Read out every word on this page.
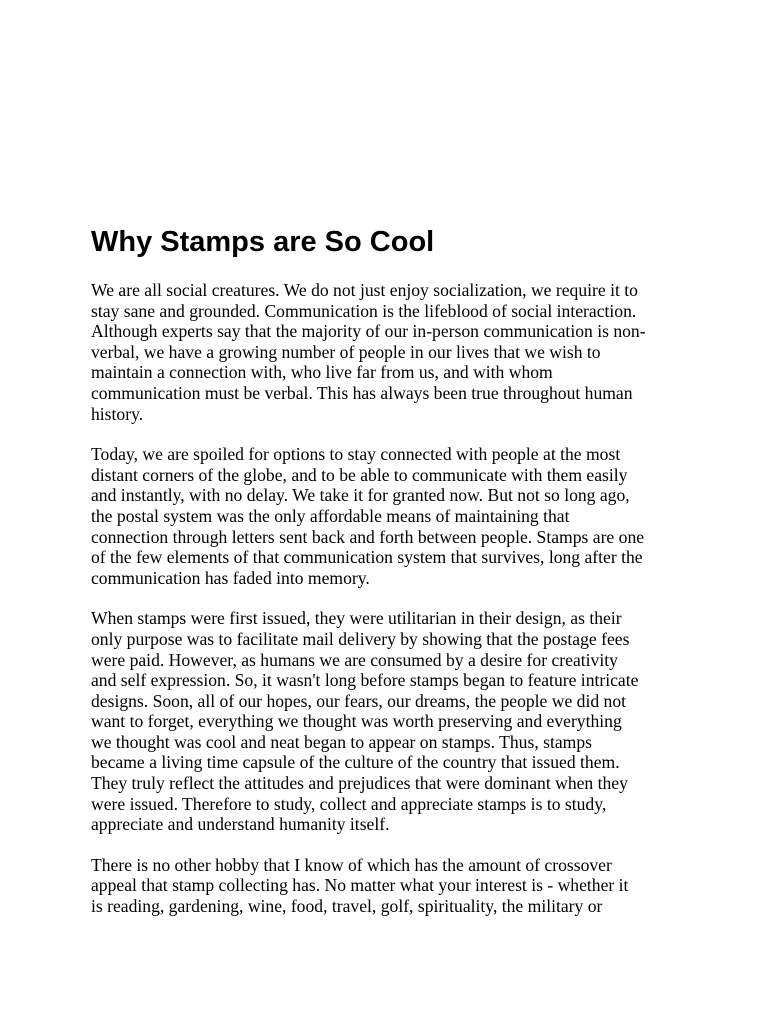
Why Stamps are So Cool

We are all social creatures. We do not just enjoy socialization, we require it to
stay sane and grounded. Communication is the lifeblood of social interaction.
Although experts say that the majority of our in-person communication is non-
verbal, we have a growing number of people in our lives that we wish to
maintain a connection with, who live far from us, and with whom
communication must be verbal. This has always been true throughout human
history.

Today, we are spoiled for options to stay connected with people at the most
distant corners of the globe, and to be able to communicate with them easily
and instantly, with no delay. We take it for granted now. But not so long ago,
the postal system was the only affordable means of maintaining that
connection through letters sent back and forth between people. Stamps are one
of the few elements of that communication system that survives, long after the
communication has faded into memory.

When stamps were first issued, they were utilitarian in their design, as their
only purpose was to facilitate mail delivery by showing that the postage fees
were paid. However, as humans we are consumed by a desire for creativity
and self expression. So, it wasn't long before stamps began to feature intricate
designs. Soon, all of our hopes, our fears, our dreams, the people we did not
want to forget, everything we thought was worth preserving and everything
we thought was cool and neat began to appear on stamps. Thus, stamps
became a living time capsule of the culture of the country that issued them.
They truly reflect the attitudes and prejudices that were dominant when they
were issued. Therefore to study, collect and appreciate stamps is to study,
appreciate and understand humanity itself.

There is no other hobby that I know of which has the amount of crossover
appeal that stamp collecting has. No matter what your interest is - whether it
is reading, gardening, wine, food, travel, golf, spirituality, the military or
